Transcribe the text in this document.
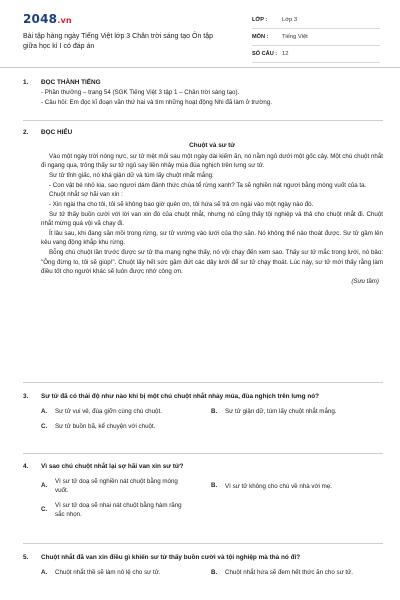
2048.vn
Bài tập hàng ngày Tiếng Việt lớp 3 Chân trời sáng tạo Ôn tập giữa học kì I có đáp án
LỚP :	Lớp 3
MÔN :	Tiếng Việt
SỐ CÂU : 12
1.	ĐỌC THÀNH TIẾNG
- Phần thưởng – trang 54 (SGK Tiếng Việt 3 tập 1 – Chân trời sáng tạo).
- Câu hỏi: Em đọc kĩ đoạn văn thứ hai và tìm những hoạt động Nhi đã làm ở trường.
2.	ĐỌC HIỂU
Chuột và sư tử

Vào một ngày trời nóng nực, sư tử mệt mỏi sau một ngày dài kiếm ăn, nó nằm ngủ dưới một gốc cây. Một chú chuột nhắt đi ngang qua, trông thấy sư tử ngủ say liền nhảy múa đùa nghịch trên lưng sư tử.

Sư tử tỉnh giấc, nó khá giận dữ và túm lấy chuột nhắt mắng:

- Con vật bé nhỏ kia, sao ngươi dám đánh thức chúa tể rừng xanh? Ta sẽ nghiền nát ngươi bằng móng vuốt của ta.

Chuột nhắt sợ hãi van xin :

- Xin ngài tha cho tôi, tôi sẽ không bao giờ quên ơn, tôi hứa sẽ trả ơn ngài vào một ngày nào đó.

Sư tử thấy buồn cười với lời van xin đó của chuột nhắt, nhưng nó cũng thấy tội nghiệp và thả cho chuột nhắt đi. Chuột nhắt mừng quá vội vã chạy đi.

Ít lâu sau, khi đang săn mồi trong rừng, sư tử vướng vào lưới của thợ săn. Nó không thể nào thoát được. Sư tử gầm lên kêu vang động khắp khu rừng.

Bỗng chú chuột lần trước được sư tử tha mạng nghe thấy, nó vội chạy đến xem sao. Thấy sư tử mắc trong lưới, nó bảo: "Ông đừng lo, tôi sẽ giúp!". Chuột lấy hết sức gặm đứt các dây lưới để sư tử chạy thoát. Lúc này, sư tử mới thấy rằng làm điều tốt cho người khác sẽ luôn được nhớ công ơn.

(Sưu tầm)
3.	Sư tử đã có thái độ như nào khi bị một chú chuột nhắt nhảy múa, đùa nghịch trên lưng nó?
A.	Sư tử vui vẻ, đùa giỡn cùng chú chuột.	B.	Sư tử giận dữ, túm lấy chuột nhắt mắng.
C.	Sư tử buồn bã, kể chuyện với chuột.
4.	Vì sao chú chuột nhắt lại sợ hãi van xin sư tử?
A.
Vì sư tử doạ sẽ nghiền nát chuột bằng móng vuốt.
B.	Vì sư tử không cho chú về nhà với mẹ.
C.
Vì sư tử doạ sẽ nhai nát chuột bằng hàm răng sắc nhọn.
5.	Chuột nhắt đã van xin điều gì khiến sư tử thấy buồn cười và tội nghiệp mà thả nó đi?
A.	Chuột nhắt thề sẽ làm nô lệ cho sư tử.	B.	Chuột nhắt hứa sẽ đem hết thức ăn cho sư tử.
